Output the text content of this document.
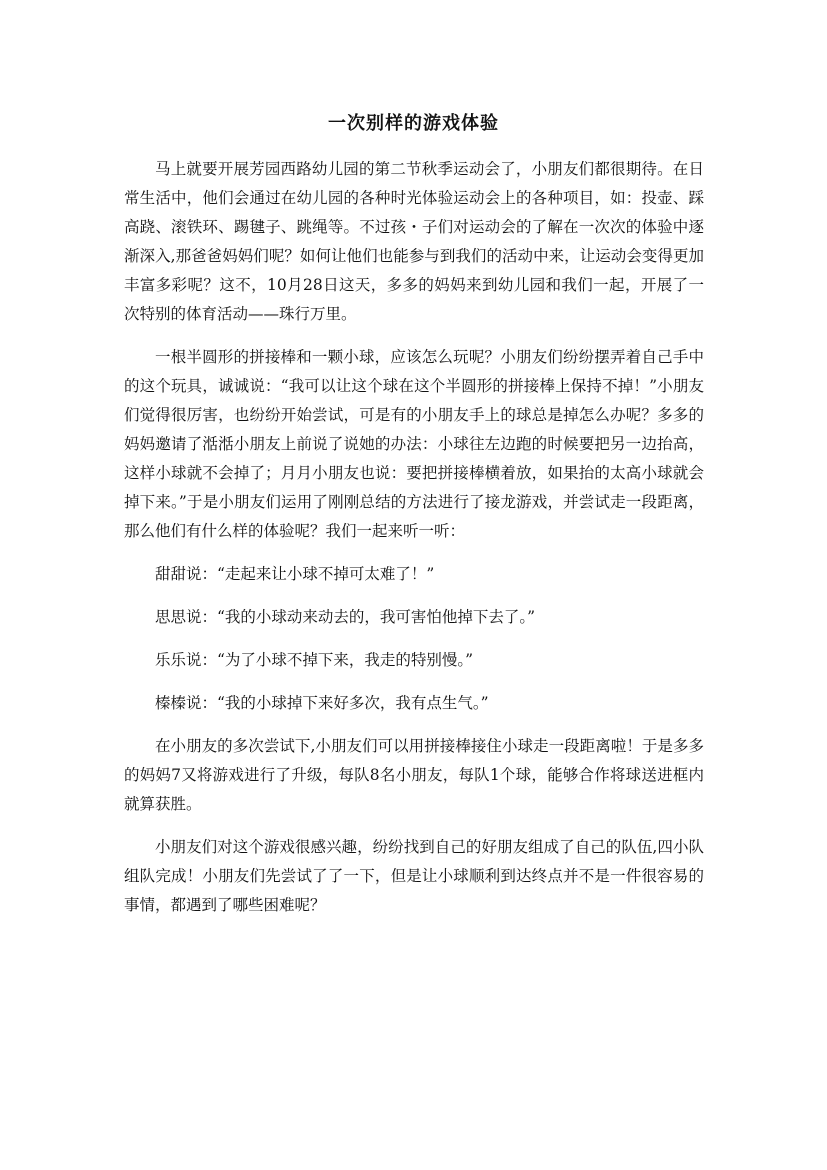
一次别样的游戏体验

马上就要开展芳园西路幼儿园的第二节秋季运动会了，小朋友们都很期待。在日常生活中，他们会通过在幼儿园的各种时光体验运动会上的各种项目，如：投壶、踩高跷、滚铁环、踢毽子、跳绳等。不过孩・子们对运动会的了解在一次次的体验中逐渐深入,那爸爸妈妈们呢？如何让他们也能参与到我们的活动中来，让运动会变得更加丰富多彩呢？这不，10月28日这天，多多的妈妈来到幼儿园和我们一起，开展了一次特别的体育活动——珠行万里。

一根半圆形的拼接棒和一颗小球，应该怎么玩呢？小朋友们纷纷摆弄着自己手中的这个玩具，诚诚说：“我可以让这个球在这个半圆形的拼接棒上保持不掉！”小朋友们觉得很厉害，也纷纷开始尝试，可是有的小朋友手上的球总是掉怎么办呢？多多的妈妈邀请了湉湉小朋友上前说了说她的办法：小球往左边跑的时候要把另一边抬高，这样小球就不会掉了；月月小朋友也说：要把拼接棒横着放，如果抬的太高小球就会掉下来。”于是小朋友们运用了刚刚总结的方法进行了接龙游戏，并尝试走一段距离，那么他们有什么样的体验呢？我们一起来听一听：

甜甜说：“走起来让小球不掉可太难了！”

思思说：“我的小球动来动去的，我可害怕他掉下去了。”

乐乐说：“为了小球不掉下来，我走的特别慢。”

榛榛说：“我的小球掉下来好多次，我有点生气。”

在小朋友的多次尝试下,小朋友们可以用拼接棒接住小球走一段距离啦！于是多多的妈妈7又将游戏进行了升级，每队8名小朋友，每队1个球，能够合作将球送进框内就算获胜。

小朋友们对这个游戏很感兴趣，纷纷找到自己的好朋友组成了自己的队伍,四小队组队完成！小朋友们先尝试了了一下，但是让小球顺利到达终点并不是一件很容易的事情，都遇到了哪些困难呢？
